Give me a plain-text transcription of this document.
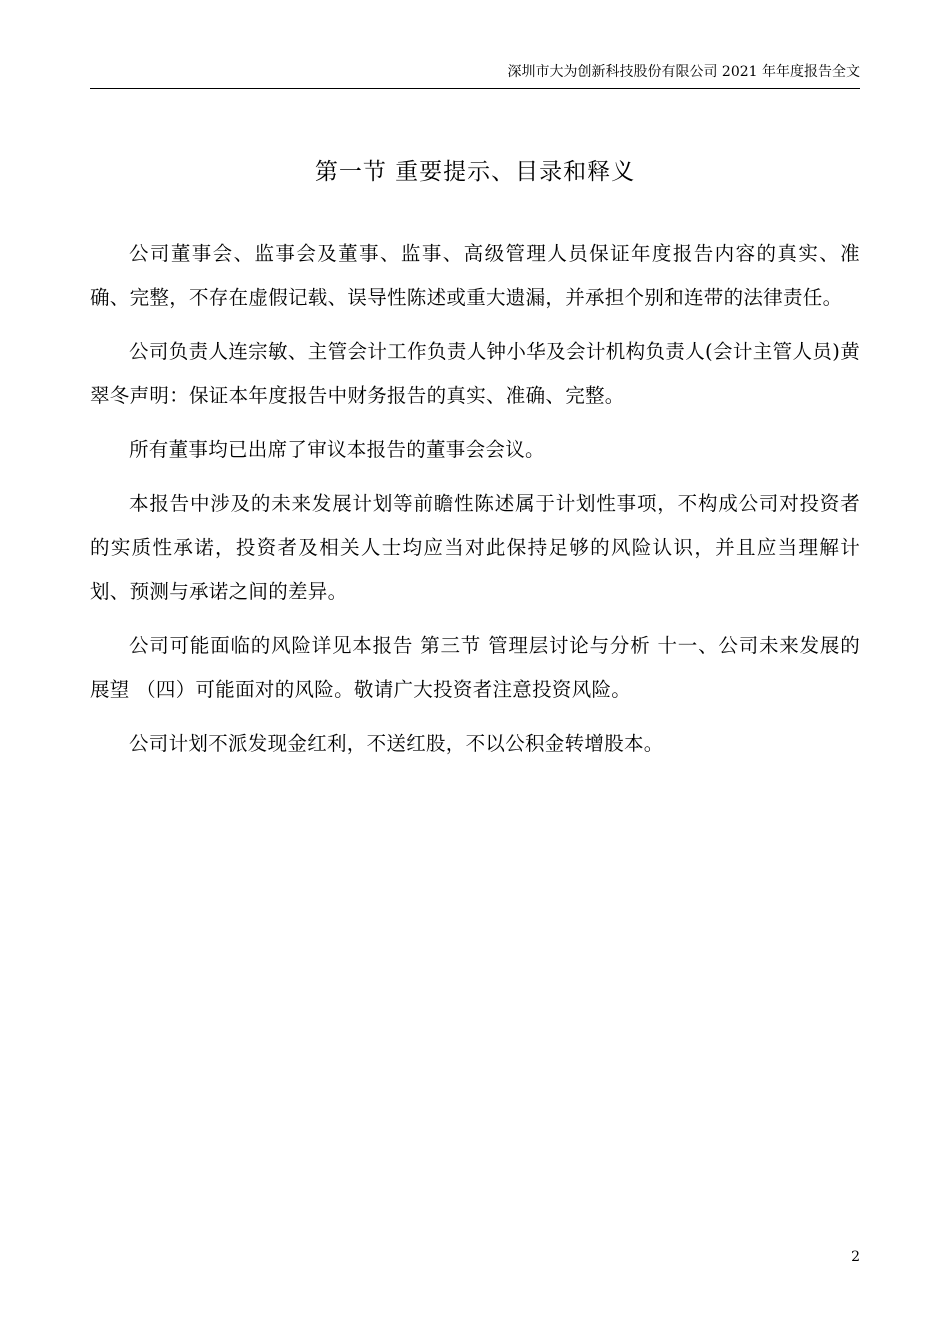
深圳市大为创新科技股份有限公司 2021 年年度报告全文
第一节 重要提示、目录和释义

公司董事会、监事会及董事、监事、高级管理人员保证年度报告内容的真实、准确、完整，不存在虚假记载、误导性陈述或重大遗漏，并承担个别和连带的法律责任。

公司负责人连宗敏、主管会计工作负责人钟小华及会计机构负责人(会计主管人员)黄翠冬声明：保证本年度报告中财务报告的真实、准确、完整。

所有董事均已出席了审议本报告的董事会会议。

本报告中涉及的未来发展计划等前瞻性陈述属于计划性事项，不构成公司对投资者的实质性承诺，投资者及相关人士均应当对此保持足够的风险认识，并且应当理解计划、预测与承诺之间的差异。

公司可能面临的风险详见本报告 第三节 管理层讨论与分析 十一、公司未来发展的展望 （四）可能面对的风险。敬请广大投资者注意投资风险。

公司计划不派发现金红利，不送红股，不以公积金转增股本。

2
